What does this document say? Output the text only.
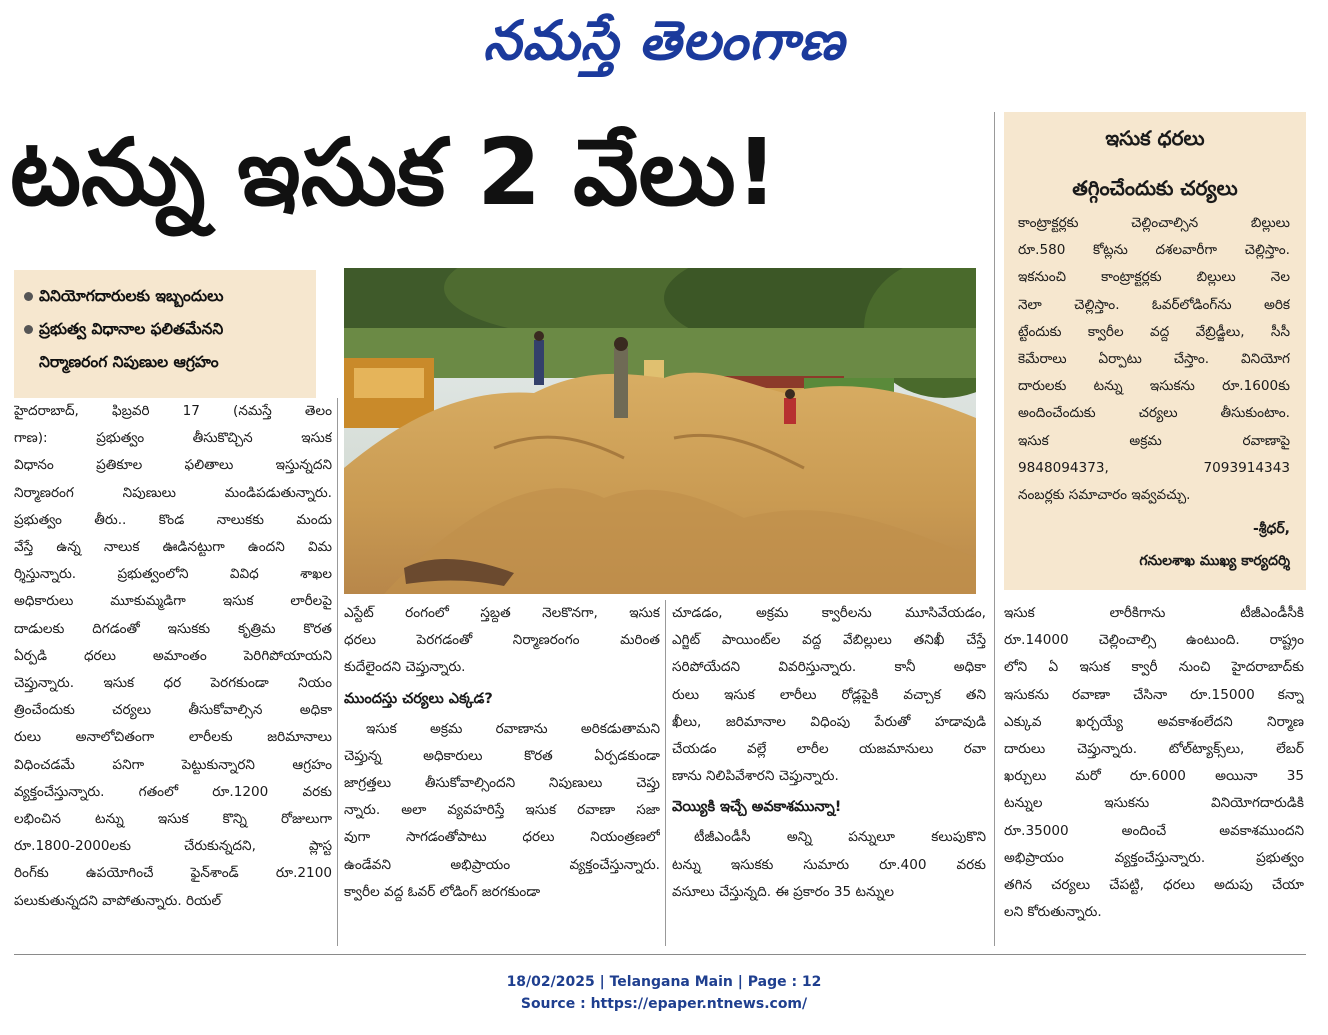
నమస్తే తెలంగాణ
టన్ను ఇసుక 2 వేలు!
వినియోగదారులకు ఇబ్బందులు
ప్రభుత్వ విధానాల ఫలితమేనని
నిర్మాణరంగ నిపుణుల ఆగ్రహం
హైదరాబాద్, ఫిబ్రవరి 17 (నమస్తే తెలం
గాణ): ప్రభుత్వం తీసుకొచ్చిన ఇసుక
విధానం ప్రతికూల ఫలితాలు ఇస్తున్నదని
నిర్మాణరంగ నిపుణులు మండిపడుతున్నారు.
ప్రభుత్వం తీరు.. కొండ నాలుకకు మందు
వేస్తే ఉన్న నాలుక ఊడినట్టుగా ఉందని విమ
ర్శిస్తున్నారు. ప్రభుత్వంలోని వివిధ శాఖల
అధికారులు మూకుమ్మడిగా ఇసుక లారీలపై
దాడులకు దిగడంతో ఇసుకకు కృత్రిమ కొరత
ఏర్పడి ధరలు అమాంతం పెరిగిపోయాయని
చెప్తున్నారు. ఇసుక ధర పెరగకుండా నియం
త్రించేందుకు చర్యలు తీసుకోవాల్సిన అధికా
రులు అనాలోచితంగా లారీలకు జరిమానాలు
విధించడమే పనిగా పెట్టుకున్నారని ఆగ్రహం
వ్యక్తంచేస్తున్నారు. గతంలో రూ.1200 వరకు
లభించిన టన్ను ఇసుక కొన్ని రోజులుగా
రూ.1800-2000లకు చేరుకున్నదని, ప్లాస్ట
రింగ్‌కు ఉపయోగించే ఫైన్‌శాండ్ రూ.2100
పలుకుతున్నదని వాపోతున్నారు. రియల్
ఎస్టేట్ రంగంలో స్తబ్దత నెలకొనగా, ఇసుక
ధరలు పెరగడంతో నిర్మాణరంగం మరింత
కుదేలైందని చెప్తున్నారు.
ముందస్తు చర్యలు ఎక్కడ?
ఇసుక అక్రమ రవాణాను అరికడుతామని
చెప్తున్న అధికారులు కొరత ఏర్పడకుండా
జాగ్రత్తలు తీసుకోవాల్సిందని నిపుణులు చెప్తు
న్నారు. అలా వ్యవహరిస్తే ఇసుక రవాణా సజా
వుగా సాగడంతోపాటు ధరలు నియంత్రణలో
ఉండేవని అభిప్రాయం వ్యక్తంచేస్తున్నారు.
క్వారీల వద్ద ఓవర్ లోడింగ్ జరగకుండా
చూడడం, అక్రమ క్వారీలను మూసివేయడం,
ఎగ్జిట్ పాయింట్‌ల వద్ద వేబిల్లులు తనిఖీ చేస్తే
సరిపోయేదని వివరిస్తున్నారు. కానీ అధికా
రులు ఇసుక లారీలు రోడ్లపైకి వచ్చాక తని
ఖీలు, జరిమానాల విధింపు పేరుతో హడావుడి
చేయడం వల్లే లారీల యజమానులు రవా
ణాను నిలిపివేశారని చెప్తున్నారు.
వెయ్యికి ఇచ్చే అవకాశమున్నా!
టీజీఎండీసీ అన్ని పన్నులూ కలుపుకొని
టన్ను ఇసుకకు సుమారు రూ.400 వరకు
వసూలు చేస్తున్నది. ఈ ప్రకారం 35 టన్నుల
ఇసుక లారీకిగాను టీజీఎండీసీకి
రూ.14000 చెల్లించాల్సి ఉంటుంది. రాష్ట్రం
లోని ఏ ఇసుక క్వారీ నుంచి హైదరాబాద్‌కు
ఇసుకను రవాణా చేసినా రూ.15000 కన్నా
ఎక్కువ ఖర్చయ్యే అవకాశంలేదని నిర్మాణ
దారులు చెప్తున్నారు. టోల్‌ట్యాక్స్‌లు, లేబర్
ఖర్చులు మరో రూ.6000 అయినా 35
టన్నుల ఇసుకను వినియోగదారుడికి
రూ.35000 అందించే అవకాశముందని
అభిప్రాయం వ్యక్తంచేస్తున్నారు. ప్రభుత్వం
తగిన చర్యలు చేపట్టి, ధరలు అదుపు చేయా
లని కోరుతున్నారు.
ఇసుక ధరలు
తగ్గించేందుకు చర్యలు
కాంట్రాక్టర్లకు చెల్లించాల్సిన బిల్లులు
రూ.580 కోట్లను దశలవారీగా చెల్లిస్తాం.
ఇకనుంచి కాంట్రాక్టర్లకు బిల్లులు నెల
నెలా చెల్లిస్తాం. ఓవర్‌లోడింగ్‌ను అరిక
ట్టేందుకు క్వారీల వద్ద వేబ్రిడ్జీలు, సీసీ
కెమేరాలు ఏర్పాటు చేస్తాం. వినియోగ
దారులకు టన్ను ఇసుకను రూ.1600కు
అందించేందుకు చర్యలు తీసుకుంటాం.
ఇసుక అక్రమ రవాణాపై
9848094373, 7093914343
నంబర్లకు సమాచారం ఇవ్వవచ్చు.
-శ్రీధర్,
గనులశాఖ ముఖ్య కార్యదర్శి
18/02/2025 | Telangana Main | Page : 12
Source : https://epaper.ntnews.com/
